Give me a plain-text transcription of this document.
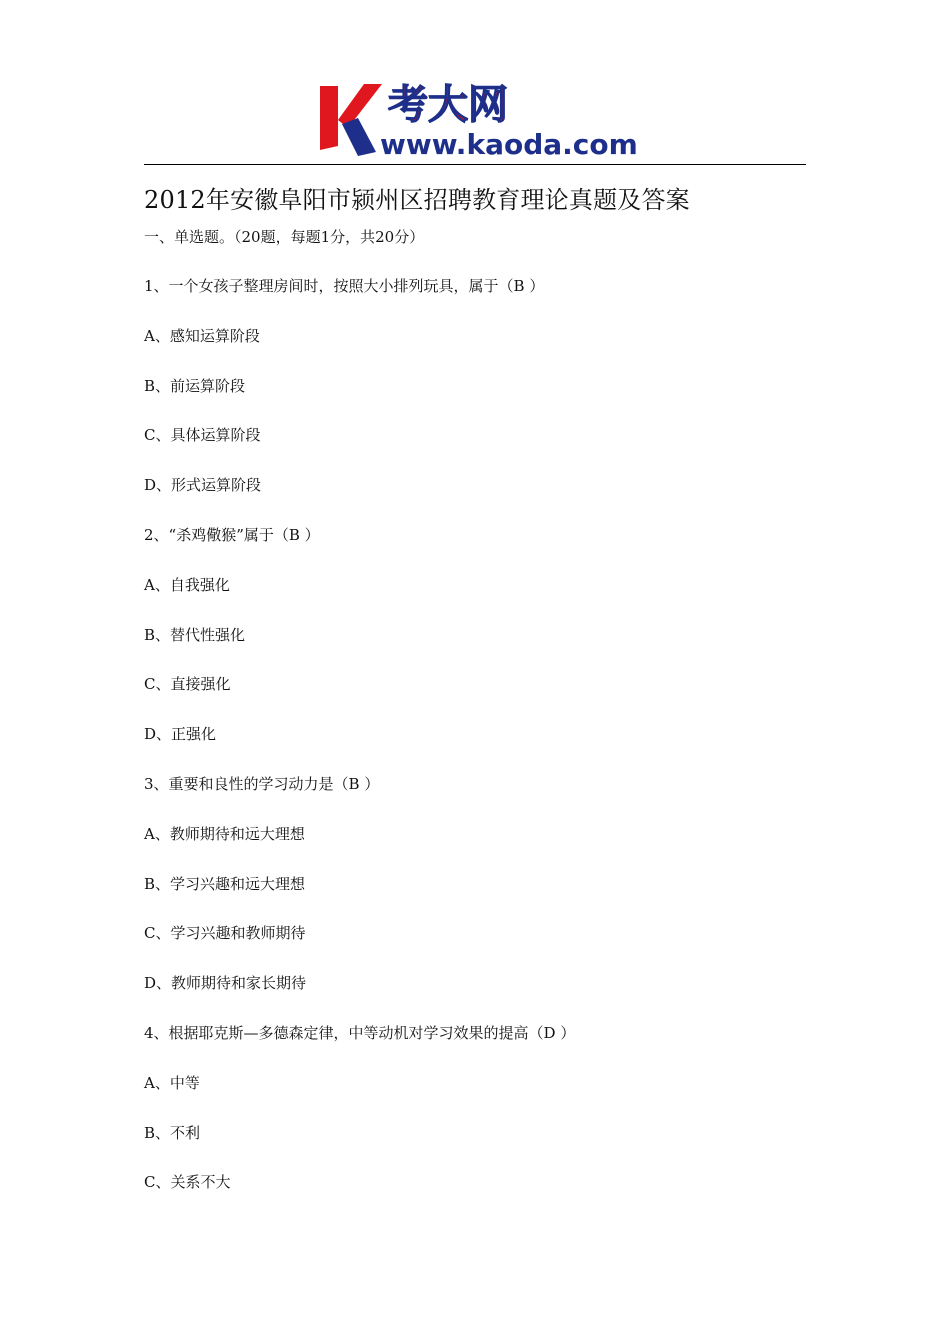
考大网
www.kaoda.com
2012年安徽阜阳市颍州区招聘教育理论真题及答案
一、单选题。（20题，每题1分，共20分）
1、一个女孩子整理房间时，按照大小排列玩具，属于（B ）
A、感知运算阶段
B、前运算阶段
C、具体运算阶段
D、形式运算阶段
2、“杀鸡儆猴”属于（B ）
A、自我强化
B、替代性强化
C、直接强化
D、正强化
3、重要和良性的学习动力是（B ）
A、教师期待和远大理想
B、学习兴趣和远大理想
C、学习兴趣和教师期待
D、教师期待和家长期待
4、根据耶克斯—多德森定律，中等动机对学习效果的提高（D ）
A、中等
B、不利
C、关系不大
